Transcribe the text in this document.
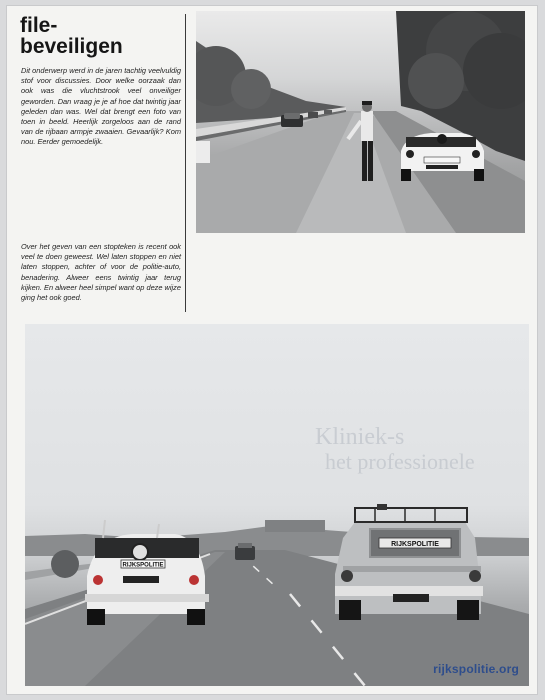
file-
beveiligen

Dit onderwerp werd in de jaren tachtig veelvuldig stof voor discussies. Door welke oorzaak dan ook was die vluchtstrook veel onveiliger geworden. Dan vraag je je af hoe dat twintig jaar geleden dan was. Wel dat brengt een foto van toen in beeld. Heerlijk zorgeloos aan de rand van de rijbaan armpje zwaaien. Gevaarlijk? Kom nou. Eerder gemoedelijk.

Over het geven van een stopteken is recent ook veel te doen geweest. Wel laten stoppen en niet laten stoppen, achter of voor de politie-auto, benadering. Alweer eens twintig jaar terug kijken. En alweer heel simpel want op deze wijze ging het ook goed.

Kliniek-s
het professionele
RIJKSPOLITIE
RIJKSPOLITIE
rijkspolitie.org
